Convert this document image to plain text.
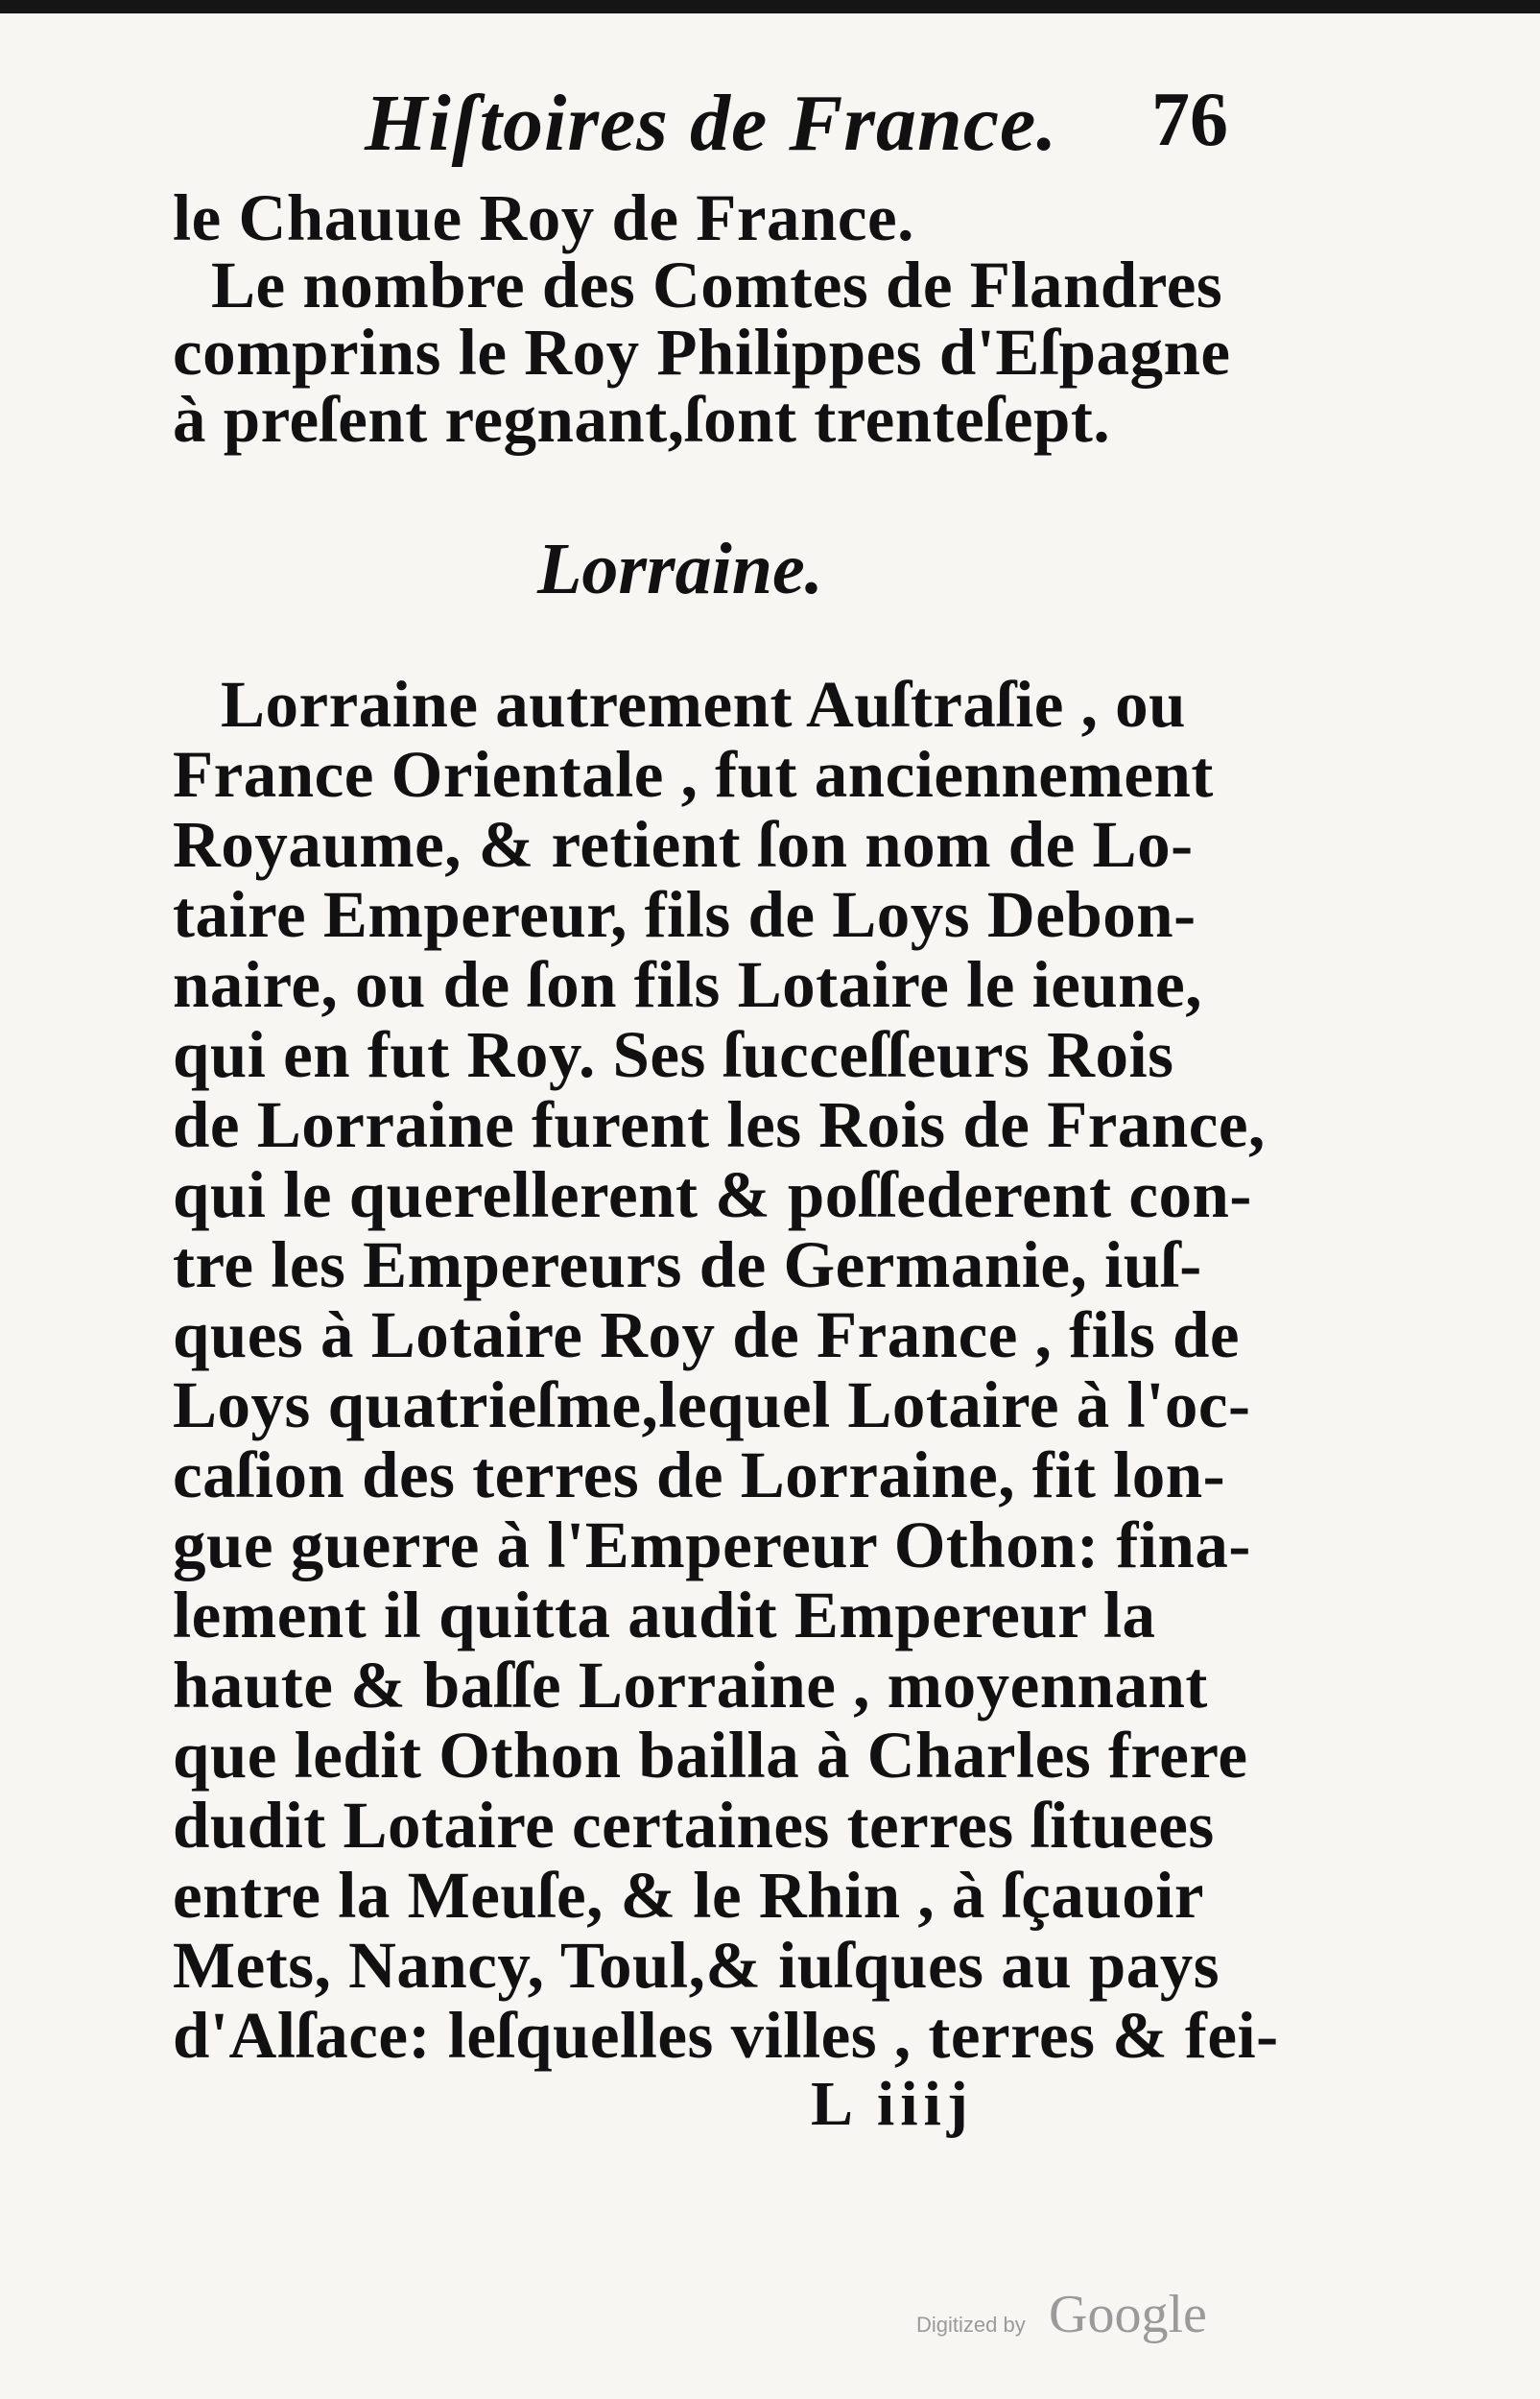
Hiſtoires de France. 76
le Chauue Roy de France.
Le nombre des Comtes de Flandres
comprins le Roy Philippes d'Eſpagne
à preſent regnant,ſont trenteſept.
Lorraine.
Lorraine autrement Auſtraſie , ou
France Orientale , fut anciennement
Royaume, & retient ſon nom de Lo-
taire Empereur, fils de Loys Debon-
naire, ou de ſon fils Lotaire le ieune,
qui en fut Roy. Ses ſucceſſeurs Rois
de Lorraine furent les Rois de France,
qui le querellerent & poſſederent con-
tre les Empereurs de Germanie, iuſ-
ques à Lotaire Roy de France , fils de
Loys quatrieſme,lequel Lotaire à l'oc-
caſion des terres de Lorraine, fit lon-
gue guerre à l'Empereur Othon: fina-
lement il quitta audit Empereur la
haute & baſſe Lorraine , moyennant
que ledit Othon bailla à Charles frere
dudit Lotaire certaines terres ſituees
entre la Meuſe, & le Rhin , à ſçauoir
Mets, Nancy, Toul,& iuſques au pays
d'Alſace: leſquelles villes , terres & fei-
L iiij
Digitized by Google
